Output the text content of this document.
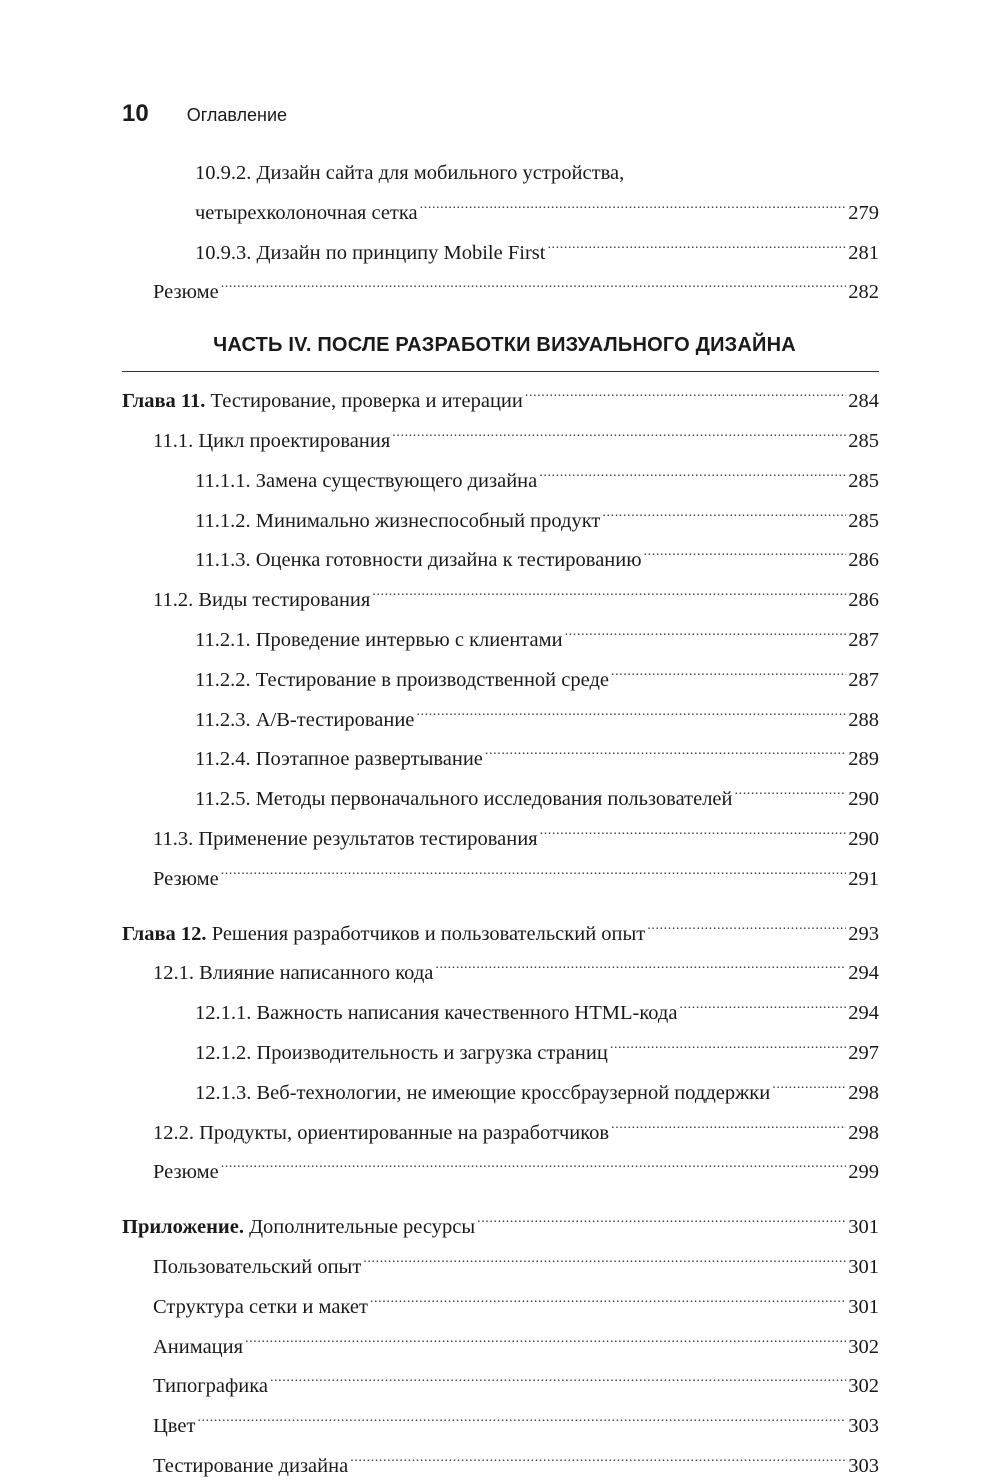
10 Оглавление
10.9.2. Дизайн сайта для мобильного устройства,
четырехколоночная сетка .....	279
10.9.3. Дизайн по принципу Mobile First .....	281
Резюме .....	282
ЧАСТЬ IV. ПОСЛЕ РАЗРАБОТКИ ВИЗУАЛЬНОГО ДИЗАЙНА
Глава 11. Тестирование, проверка и итерации .....	284
11.1. Цикл проектирования .....	285
11.1.1. Замена существующего дизайна .....	285
11.1.2. Минимально жизнеспособный продукт .....	285
11.1.3. Оценка готовности дизайна к тестированию .....	286
11.2. Виды тестирования .....	286
11.2.1. Проведение интервью с клиентами .....	287
11.2.2. Тестирование в производственной среде .....	287
11.2.3. А/В-тестирование .....	288
11.2.4. Поэтапное развертывание .....	289
11.2.5. Методы первоначального исследования пользователей .....	290
11.3. Применение результатов тестирования .....	290
Резюме .....	291
Глава 12. Решения разработчиков и пользовательский опыт .....	293
12.1. Влияние написанного кода .....	294
12.1.1. Важность написания качественного HTML-кода .....	294
12.1.2. Производительность и загрузка страниц .....	297
12.1.3. Веб-технологии, не имеющие кроссбраузерной поддержки .....	298
12.2. Продукты, ориентированные на разработчиков .....	298
Резюме .....	299
Приложение. Дополнительные ресурсы .....	301
Пользовательский опыт .....	301
Структура сетки и макет .....	301
Анимация .....	302
Типографика .....	302
Цвет .....	303
Тестирование дизайна .....	303
